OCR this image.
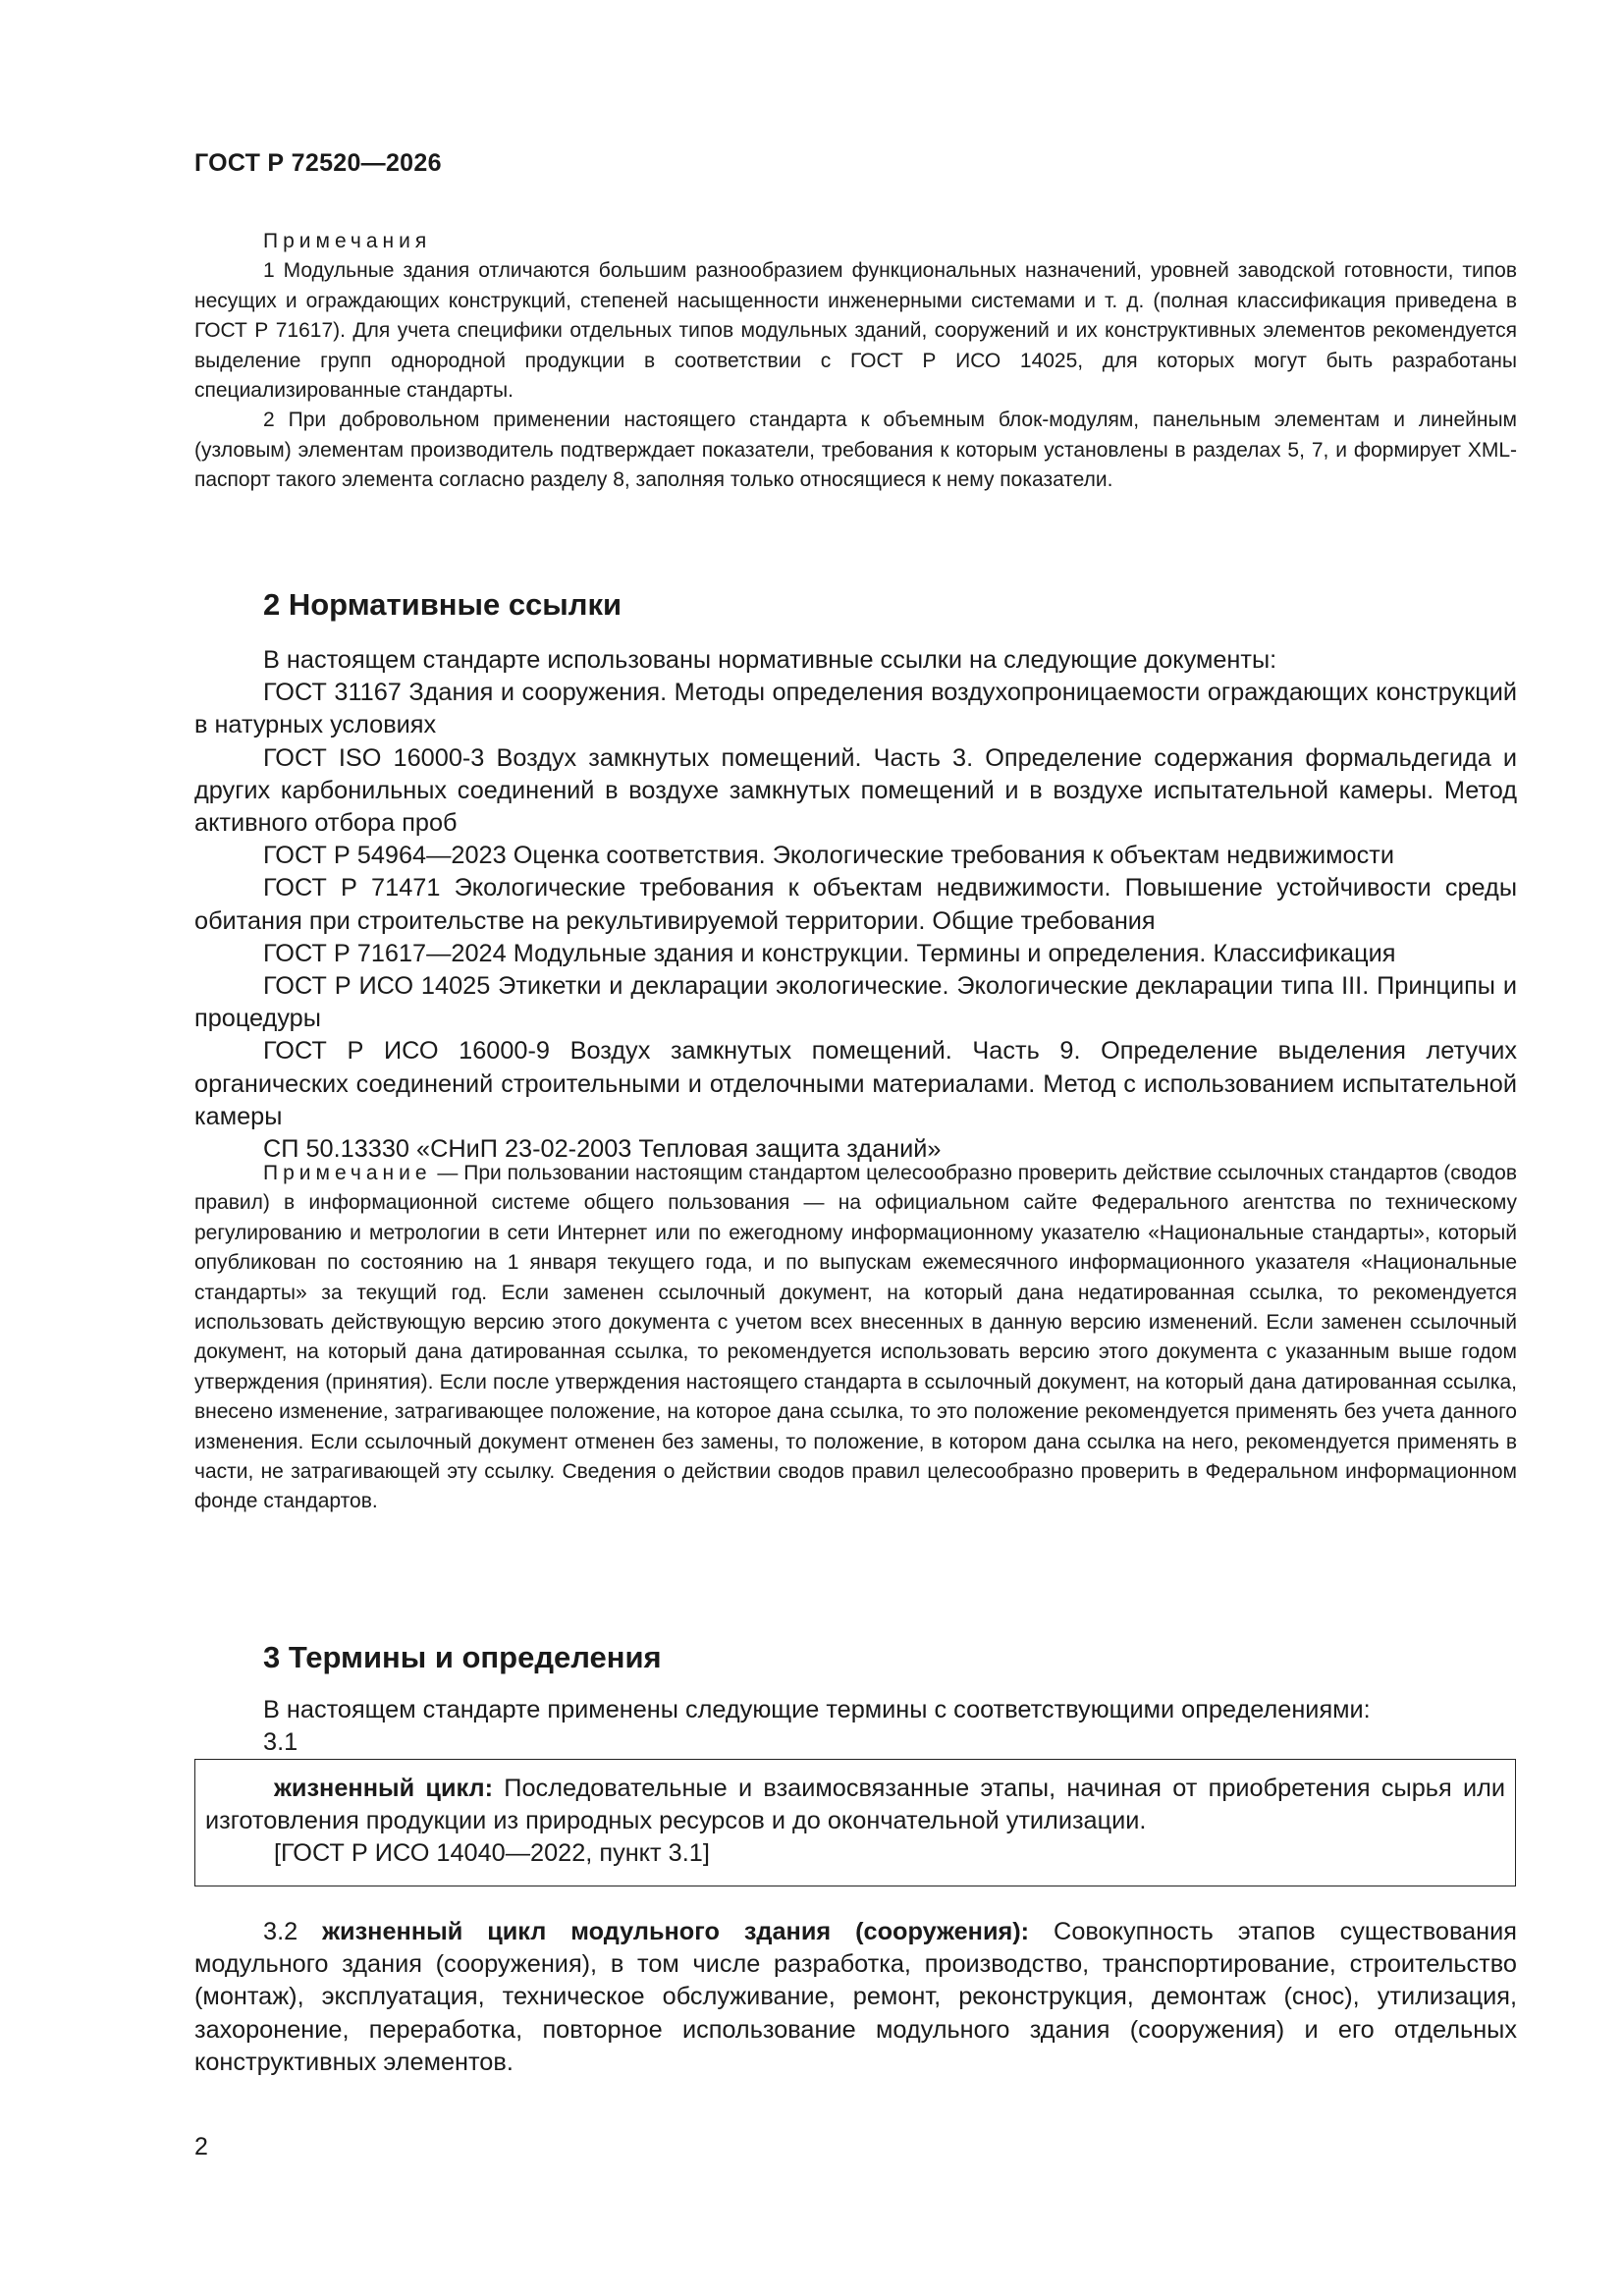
ГОСТ Р 72520—2026

Примечания

1 Модульные здания отличаются большим разнообразием функциональных назначений, уровней заводской готовности, типов несущих и ограждающих конструкций, степеней насыщенности инженерными системами и т. д. (полная классификация приведена в ГОСТ Р 71617). Для учета специфики отдельных типов модульных зданий, сооружений и их конструктивных элементов рекомендуется выделение групп однородной продукции в соответствии с ГОСТ Р ИСО 14025, для которых могут быть разработаны специализированные стандарты.

2 При добровольном применении настоящего стандарта к объемным блок-модулям, панельным элементам и линейным (узловым) элементам производитель подтверждает показатели, требования к которым установлены в разделах 5, 7, и формирует XML-паспорт такого элемента согласно разделу 8, заполняя только относящиеся к нему показатели.

2 Нормативные ссылки

В настоящем стандарте использованы нормативные ссылки на следующие документы:

ГОСТ 31167 Здания и сооружения. Методы определения воздухопроницаемости ограждающих конструкций в натурных условиях

ГОСТ ISO 16000-3 Воздух замкнутых помещений. Часть 3. Определение содержания формальдегида и других карбонильных соединений в воздухе замкнутых помещений и в воздухе испытательной камеры. Метод активного отбора проб

ГОСТ Р 54964—2023 Оценка соответствия. Экологические требования к объектам недвижимости

ГОСТ Р 71471 Экологические требования к объектам недвижимости. Повышение устойчивости среды обитания при строительстве на рекультивируемой территории. Общие требования

ГОСТ Р 71617—2024 Модульные здания и конструкции. Термины и определения. Классификация

ГОСТ Р ИСО 14025 Этикетки и декларации экологические. Экологические декларации типа III. Принципы и процедуры

ГОСТ Р ИСО 16000-9 Воздух замкнутых помещений. Часть 9. Определение выделения летучих органических соединений строительными и отделочными материалами. Метод с использованием испытательной камеры

СП 50.13330 «СНиП 23-02-2003 Тепловая защита зданий»

Примечание — При пользовании настоящим стандартом целесообразно проверить действие ссылочных стандартов (сводов правил) в информационной системе общего пользования — на официальном сайте Федерального агентства по техническому регулированию и метрологии в сети Интернет или по ежегодному информационному указателю «Национальные стандарты», который опубликован по состоянию на 1 января текущего года, и по выпускам ежемесячного информационного указателя «Национальные стандарты» за текущий год. Если заменен ссылочный документ, на который дана недатированная ссылка, то рекомендуется использовать действующую версию этого документа с учетом всех внесенных в данную версию изменений. Если заменен ссылочный документ, на который дана датированная ссылка, то рекомендуется использовать версию этого документа с указанным выше годом утверждения (принятия). Если после утверждения настоящего стандарта в ссылочный документ, на который дана датированная ссылка, внесено изменение, затрагивающее положение, на которое дана ссылка, то это положение рекомендуется применять без учета данного изменения. Если ссылочный документ отменен без замены, то положение, в котором дана ссылка на него, рекомендуется применять в части, не затрагивающей эту ссылку. Сведения о действии сводов правил целесообразно проверить в Федеральном информационном фонде стандартов.

3 Термины и определения

В настоящем стандарте применены следующие термины с соответствующими определениями:

3.1

жизненный цикл: Последовательные и взаимосвязанные этапы, начиная от приобретения сырья или изготовления продукции из природных ресурсов и до окончательной утилизации.

[ГОСТ Р ИСО 14040—2022, пункт 3.1]

3.2 жизненный цикл модульного здания (сооружения): Совокупность этапов существования модульного здания (сооружения), в том числе разработка, производство, транспортирование, строительство (монтаж), эксплуатация, техническое обслуживание, ремонт, реконструкция, демонтаж (снос), утилизация, захоронение, переработка, повторное использование модульного здания (сооружения) и его отдельных конструктивных элементов.

2
